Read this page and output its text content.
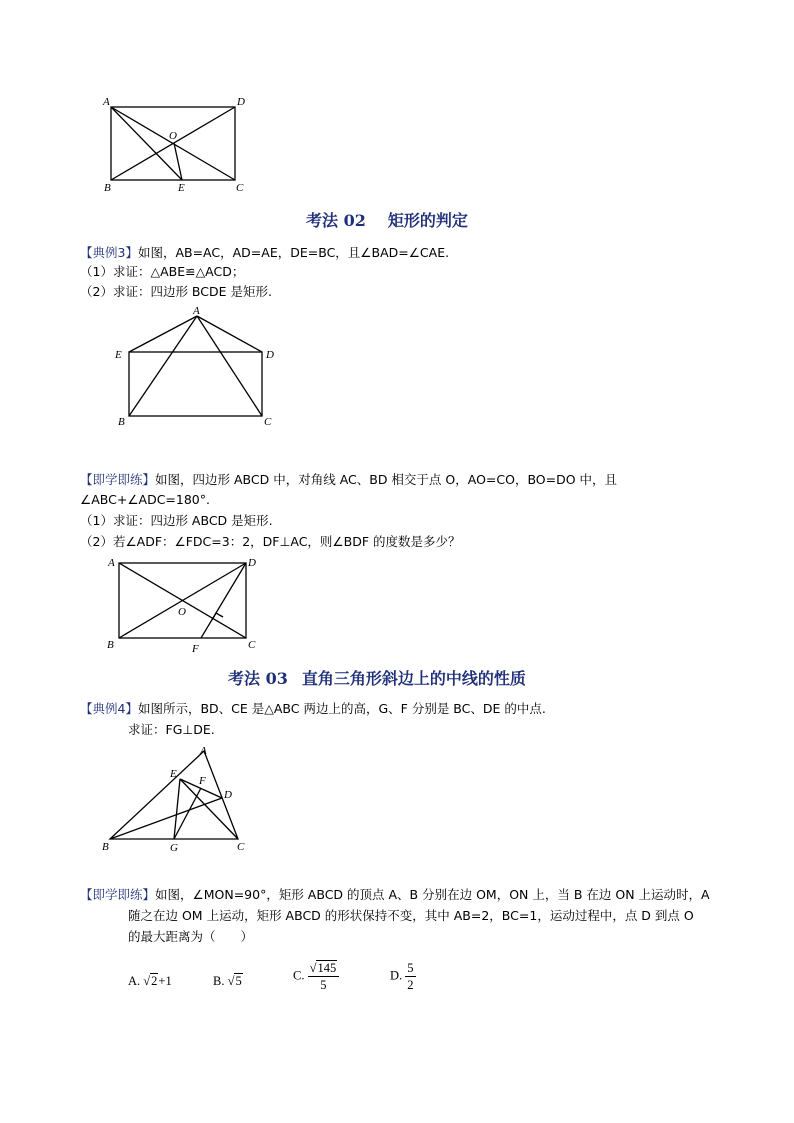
A	D
O
B	E	C
考法 02 矩形的判定
【典例3】如图，AB=AC，AD=AE，DE=BC，且∠BAD=∠CAE.
（1）求证：△ABE≌△ACD；
（2）求证：四边形 BCDE 是矩形.
A
E	D
B	C
【即学即练】如图，四边形 ABCD 中，对角线 AC、BD 相交于点 O，AO=CO，BO=DO 中，且
∠ABC+∠ADC=180°.
（1）求证：四边形 ABCD 是矩形.
（2）若∠ADF：∠FDC=3：2，DF⊥AC，则∠BDF 的度数是多少？
A	D
O
B	F	C
考法 03 直角三角形斜边上的中线的性质
【典例4】如图所示，BD、CE 是△ABC 两边上的高，G、F 分别是 BC、DE 的中点.
求证：FG⊥DE.
A
E
F
D
B	G	C
【即学即练】如图，∠MON=90°，矩形 ABCD 的顶点 A、B 分别在边 OM，ON 上，当 B 在边 ON 上运动时，A
随之在边 OM 上运动，矩形 ABCD 的形状保持不变，其中 AB=2，BC=1，运动过程中，点 D 到点 O
的最大距离为（　　）
A. √2+1	B. √5	C. $\frac{√145}{5}$	D. $\frac{5}{2}$
